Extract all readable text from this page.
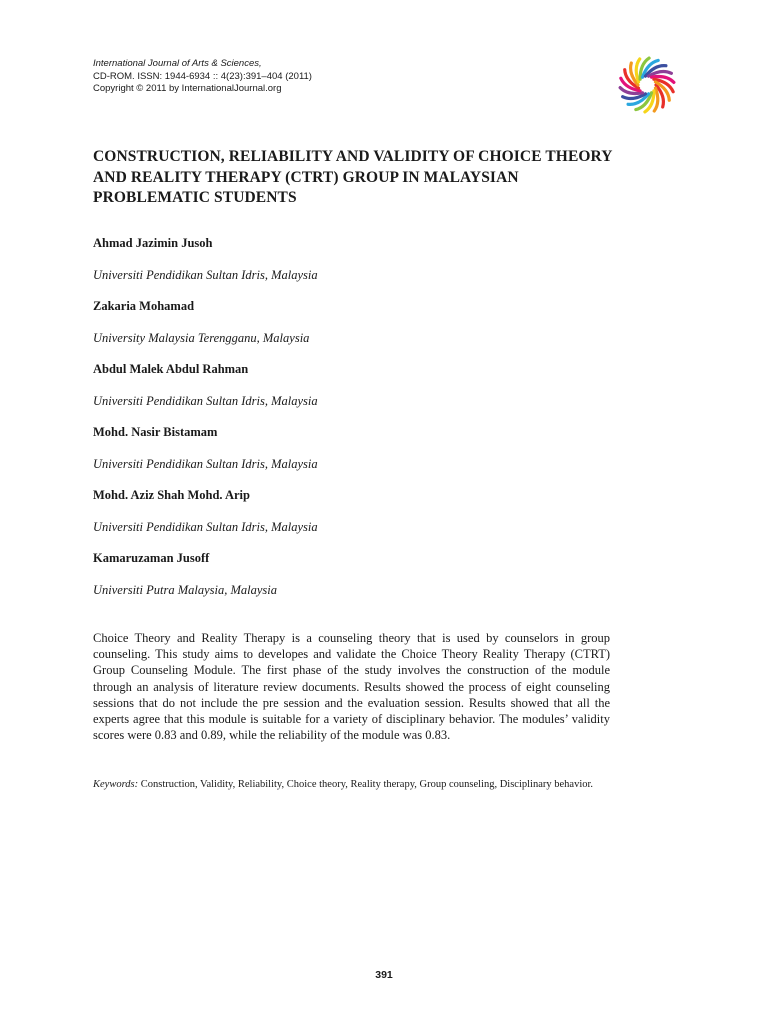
International Journal of Arts & Sciences,
CD-ROM. ISSN: 1944-6934 :: 4(23):391–404 (2011)
Copyright © 2011 by InternationalJournal.org
CONSTRUCTION, RELIABILITY AND VALIDITY OF CHOICE THEORY AND REALITY THERAPY (CTRT) GROUP IN MALAYSIAN PROBLEMATIC STUDENTS

Ahmad Jazimin Jusoh

Universiti Pendidikan Sultan Idris, Malaysia

Zakaria Mohamad

University Malaysia Terengganu, Malaysia

Abdul Malek Abdul Rahman

Universiti Pendidikan Sultan Idris, Malaysia

Mohd. Nasir Bistamam

Universiti Pendidikan Sultan Idris, Malaysia

Mohd. Aziz Shah Mohd. Arip

Universiti Pendidikan Sultan Idris, Malaysia

Kamaruzaman Jusoff

Universiti Putra Malaysia, Malaysia

Choice Theory and Reality Therapy is a counseling theory that is used by counselors in group counseling. This study aims to developes and validate the Choice Theory Reality Therapy (CTRT) Group Counseling Module. The first phase of the study involves the construction of the module through an analysis of literature review documents. Results showed the process of eight counseling sessions that do not include the pre session and the evaluation session. Results showed that all the experts agree that this module is suitable for a variety of disciplinary behavior. The modules’ validity scores were 0.83 and 0.89, while the reliability of the module was 0.83.

Keywords: Construction, Validity, Reliability, Choice theory, Reality therapy, Group counseling, Disciplinary behavior.

391
